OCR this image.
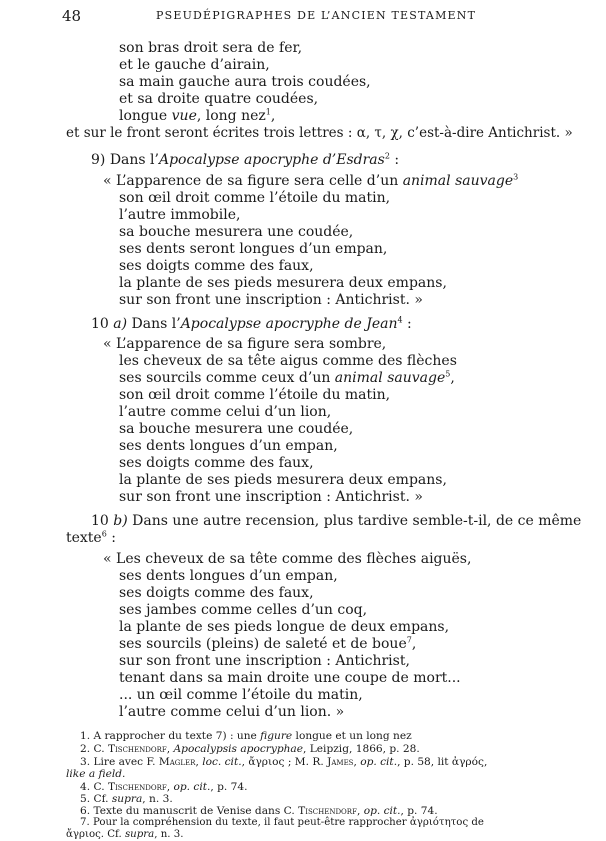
48	PSEUDÉPIGRAPHES DE L’ANCIEN TESTAMENT
son bras droit sera de fer,
et le gauche d’airain,
sa main gauche aura trois coudées,
et sa droite quatre coudées,
longue vue, long nez$^1$,
et sur le front seront écrites trois lettres : α, τ, χ, c’est-à-dire Antichrist. »
9) Dans l’Apocalypse apocryphe d’Esdras$^2$ :
« L’apparence de sa figure sera celle d’un animal sauvage$^3$
son œil droit comme l’étoile du matin,
l’autre immobile,
sa bouche mesurera une coudée,
ses dents seront longues d’un empan,
ses doigts comme des faux,
la plante de ses pieds mesurera deux empans,
sur son front une inscription : Antichrist. »
10 a) Dans l’Apocalypse apocryphe de Jean$^4$ :
« L’apparence de sa figure sera sombre,
les cheveux de sa tête aigus comme des flèches
ses sourcils comme ceux d’un animal sauvage$^5$,
son œil droit comme l’étoile du matin,
l’autre comme celui d’un lion,
sa bouche mesurera une coudée,
ses dents longues d’un empan,
ses doigts comme des faux,
la plante de ses pieds mesurera deux empans,
sur son front une inscription : Antichrist. »
10 b) Dans une autre recension, plus tardive semble-t-il, de ce même
texte$^6$ :
« Les cheveux de sa tête comme des flèches aiguës,
ses dents longues d’un empan,
ses doigts comme des faux,
ses jambes comme celles d’un coq,
la plante de ses pieds longue de deux empans,
ses sourcils (pleins) de saleté et de boue$^7$,
sur son front une inscription : Antichrist,
tenant dans sa main droite une coupe de mort...
... un œil comme l’étoile du matin,
l’autre comme celui d’un lion. »
1. A rapprocher du texte 7) : une figure longue et un long nez
2. C. Tischendorf, Apocalypsis apocryphae, Leipzig, 1866, p. 28.
3. Lire avec F. Magler, loc. cit., ἄγριος ; M. R. James, op. cit., p. 58, lit ἀγρός,
like a field.
4. C. Tischendorf, op. cit., p. 74.
5. Cf. supra, n. 3.
6. Texte du manuscrit de Venise dans C. Tischendorf, op. cit., p. 74.
7. Pour la compréhension du texte, il faut peut-être rapprocher ἀγριότητος de
ἄγριος. Cf. supra, n. 3.
